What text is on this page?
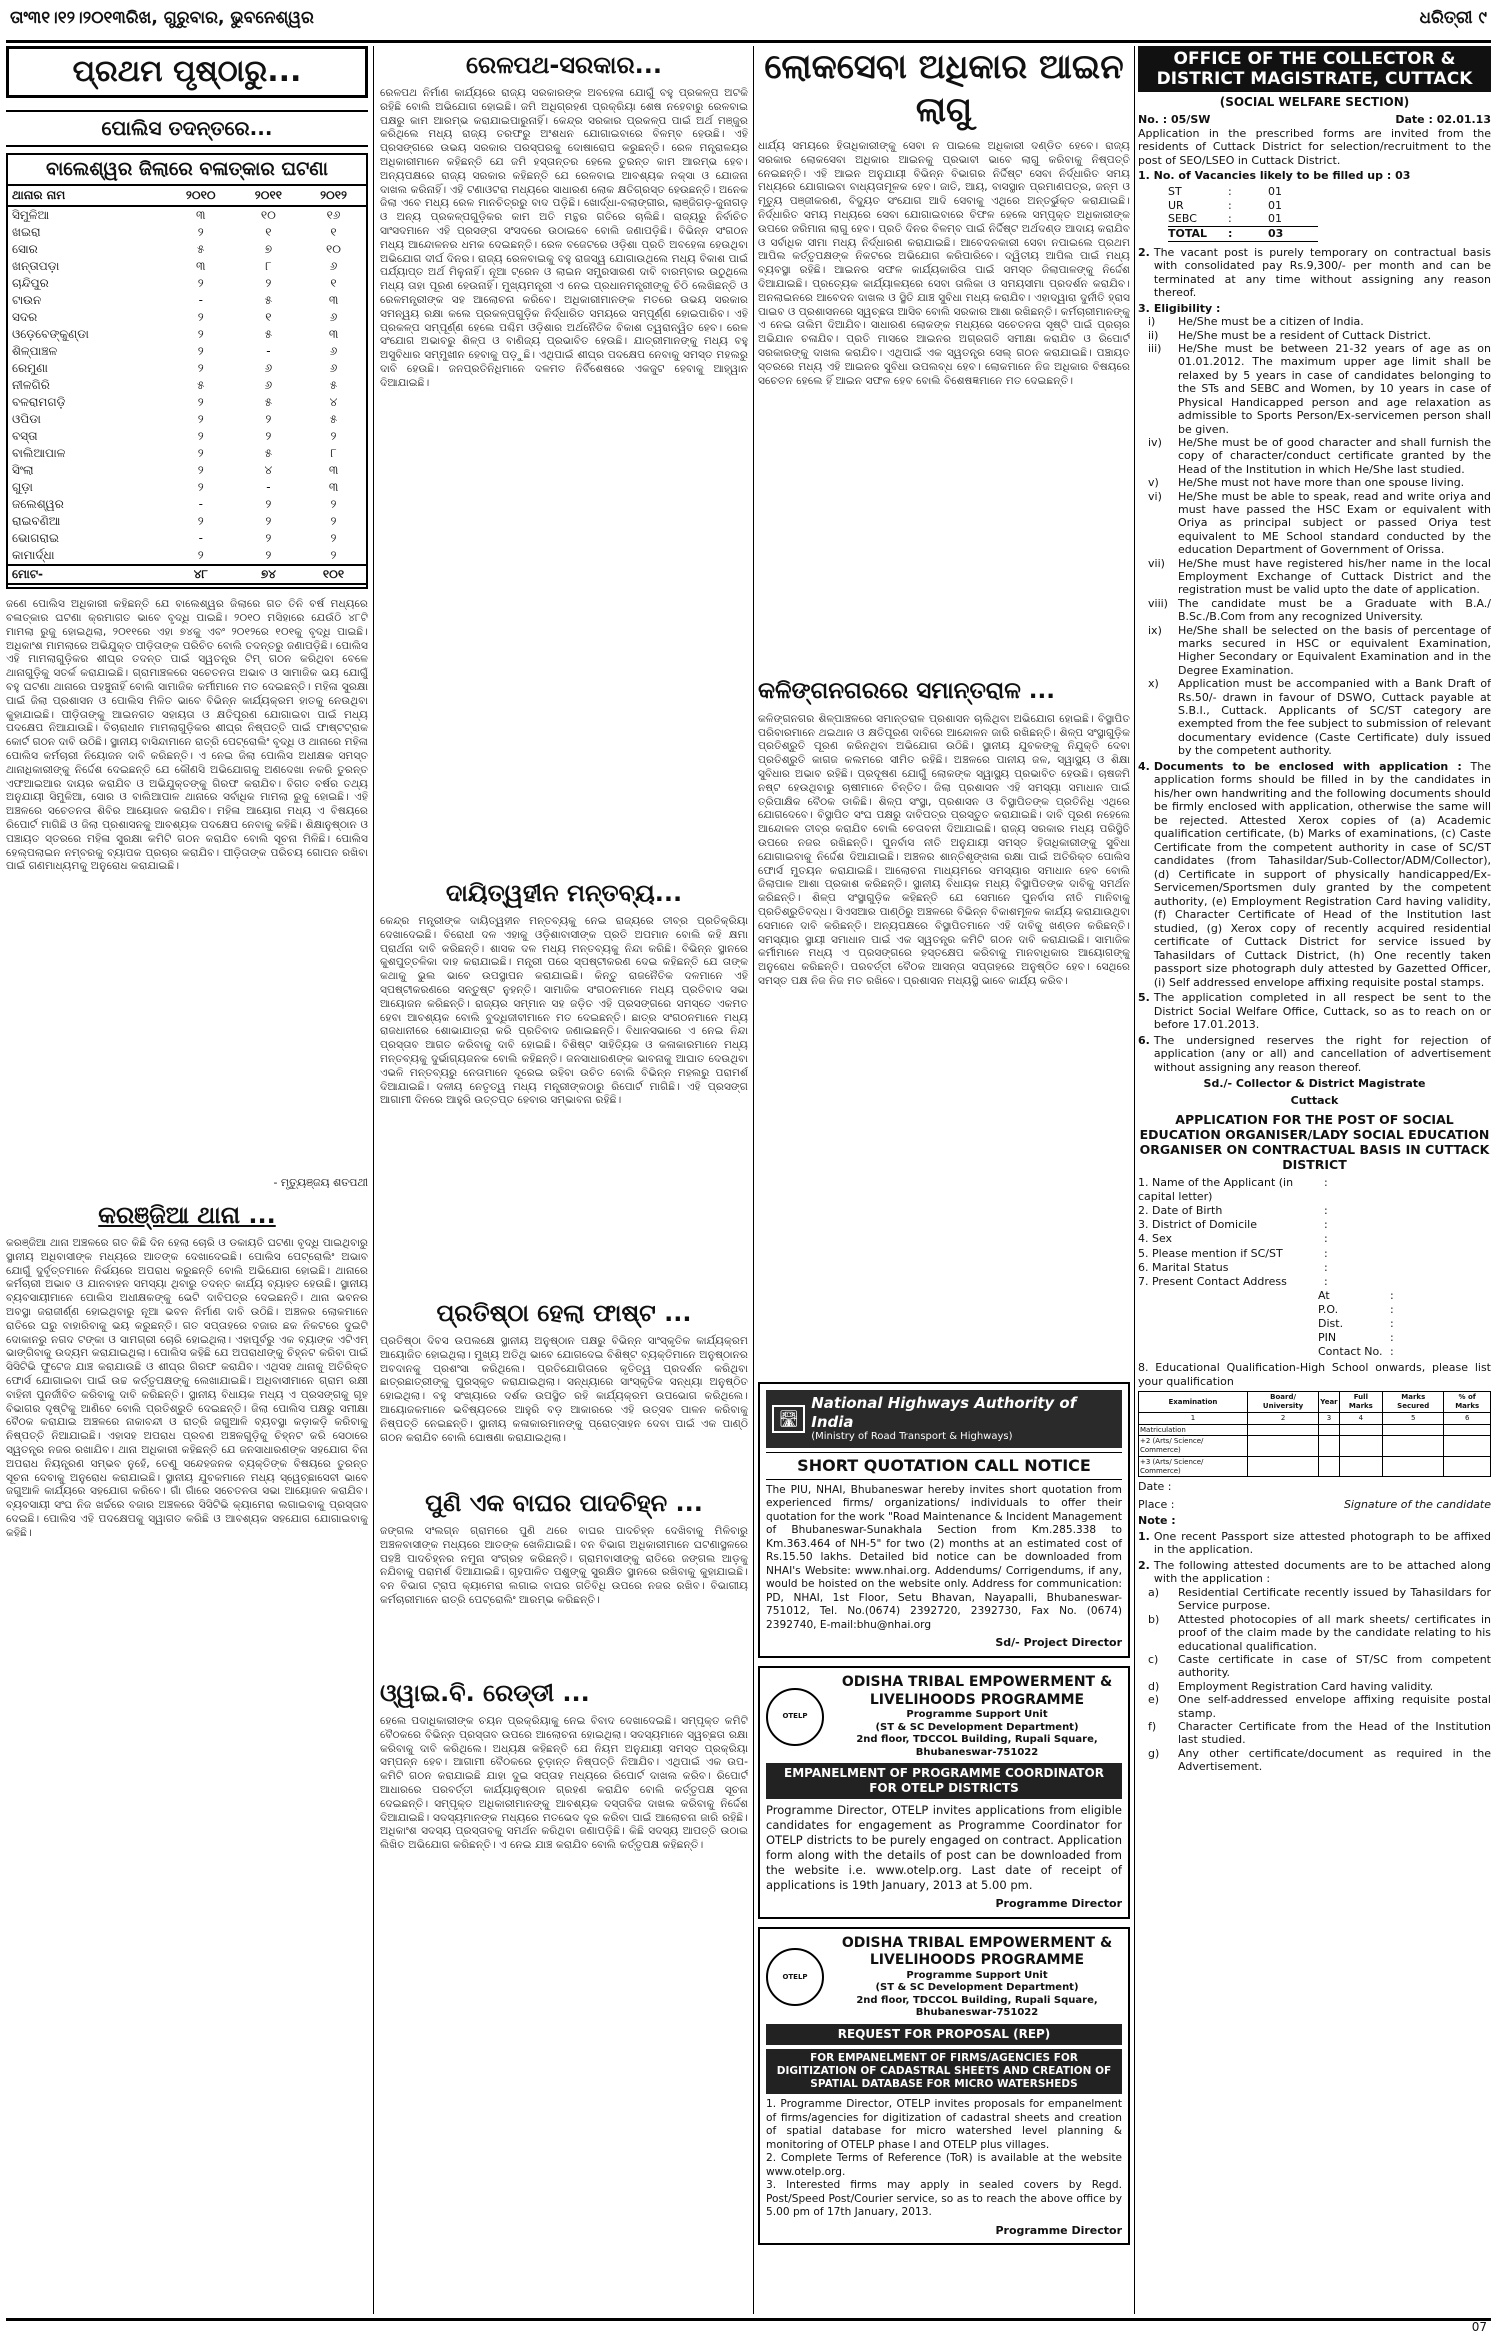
ତାଂ୩୧।୧୨।୨୦୧୩ରିଖ, ଗୁରୁବାର, ଭୁବନେଶ୍ୱର	ଧରିତ୍ରୀ ୯
ପ୍ରଥମ ପୃଷ୍ଠାରୁ...
ପୋଲିସ ତଦନ୍ତରେ...
ବାଲେଶ୍ୱର ଜିଲାରେ ବଳାତ୍କାର ଘଟଣା
ଥାନାର ନାମ	୨୦୧୦	୨୦୧୧	୨୦୧୨
ସିମୁଳିଆ	୩	୧୦	୧୬
ଖଇରା	୨	୧	୧
ସୋର	୫	୭	୧୦
ଖନ୍ତାପଡ଼ା	୩	୮	୬
ଚାନ୍ଦିପୁର	୨	୨	୧
ଟାଉନ	-	୫	୩
ସଦର	୨	୧	୬
ଓଡ଼େବେଙ୍କୁଣ୍ଡା	୨	୫	୩
ଶିଳ୍ପାଞ୍ଚଳ	୨	-	୬
ରେମୁଣା	୨	୬	୬
ନୀଳଗିରି	୫	୬	୫
ବଳରାମଗଡ଼ି	୨	୫	୪
ଓପିଡା	୨	୨	୫
ବସ୍ତା	୨	୨	୨
ବାଲିଆପାଳ	୨	୫	୮
ସିଂଲା	୨	୪	୩
ଗୁଡ଼ା	୨	-	୩
ଜଲେଶ୍ୱର	-	୨	୨
ରାଇବଣିଆ	୨	୨	୨
ଭୋଗରାଇ	-	୨	୨
କାମାର୍ଦ୍ଧା	୨	୨	୨
ମୋଟ-	୪୮	୭୪	୧୦୧
ଜଣେ ପୋଲିସ ଅଧିକାରୀ କହିଛନ୍ତି ଯେ ବାଲେଶ୍ୱର ଜିଲାରେ ଗତ ତିନି ବର୍ଷ ମଧ୍ୟରେ ବଳାତ୍କାର ଘଟଣା କ୍ରମାଗତ ଭାବେ ବୃଦ୍ଧି ପାଇଛି। ୨୦୧୦ ମସିହାରେ ଯେଉଁଠି ୪୮ଟି ମାମଲା ରୁଜୁ ହୋଇଥିଲା, ୨୦୧୧ରେ ଏହା ୭୪କୁ ଏବଂ ୨୦୧୨ରେ ୧୦୧କୁ ବୃଦ୍ଧି ପାଇଛି। ଅଧିକାଂଶ ମାମଲାରେ ଅଭିଯୁକ୍ତ ପୀଡ଼ିତାଙ୍କ ପରିଚିତ ବୋଲି ତଦନ୍ତରୁ ଜଣାପଡ଼ିଛି। ପୋଲିସ ଏହି ମାମଲାଗୁଡ଼ିକର ଶୀଘ୍ର ତଦନ୍ତ ପାଇଁ ସ୍ୱତନ୍ତ୍ର ଟିମ୍ ଗଠନ କରିଥିବା ବେଳେ ଥାନାଗୁଡ଼ିକୁ ସତର୍କ କରାଯାଇଛି। ଗ୍ରାମାଞ୍ଚଳରେ ସଚେତନତା ଅଭାବ ଓ ସାମାଜିକ ଭୟ ଯୋଗୁଁ ବହୁ ଘଟଣା ଥାନାରେ ପହଞ୍ଚୁନାହିଁ ବୋଲି ସାମାଜିକ କର୍ମୀମାନେ ମତ ଦେଇଛନ୍ତି। ମହିଳା ସୁରକ୍ଷା ପାଇଁ ଜିଲା ପ୍ରଶାସନ ଓ ପୋଲିସ ମିଳିତ ଭାବେ ବିଭିନ୍ନ କାର୍ଯ୍ୟକ୍ରମ ହାତକୁ ନେଉଥିବା କୁହାଯାଇଛି। ପୀଡ଼ିତାଙ୍କୁ ଆଇନଗତ ସହାୟତା ଓ କ୍ଷତିପୂରଣ ଯୋଗାଇବା ପାଇଁ ମଧ୍ୟ ପଦକ୍ଷେପ ନିଆଯାଉଛି। ବିଚାରାଧୀନ ମାମଲାଗୁଡ଼ିକର ଶୀଘ୍ର ନିଷ୍ପତ୍ତି ପାଇଁ ଫାଷ୍ଟଟ୍ରାକ କୋର୍ଟ ଗଠନ ଦାବି ଉଠିଛି। ସ୍ଥାନୀୟ ବାସିନ୍ଦାମାନେ ରାତ୍ରି ପେଟ୍ରୋଲିଂ ବୃଦ୍ଧି ଓ ଥାନାରେ ମହିଳା ପୋଲିସ କର୍ମଚାରୀ ନିୟୋଜନ ଦାବି କରିଛନ୍ତି। ଏ ନେଇ ଜିଲା ପୋଲିସ ଅଧୀକ୍ଷକ ସମସ୍ତ ଥାନାଧିକାରୀଙ୍କୁ ନିର୍ଦ୍ଦେଶ ଦେଇଛନ୍ତି ଯେ କୌଣସି ଅଭିଯୋଗକୁ ଅଣଦେଖା ନକରି ତୁରନ୍ତ ଏଫଆଇଆର ଦାୟର କରାଯିବ ଓ ଅଭିଯୁକ୍ତଙ୍କୁ ଗିରଫ କରାଯିବ। ବିଗତ ବର୍ଷର ତଥ୍ୟ ଅନୁଯାୟୀ ସିମୁଳିଆ, ସୋର ଓ ବାଲିଆପାଳ ଥାନାରେ ସର୍ବାଧିକ ମାମଲା ରୁଜୁ ହୋଇଛି। ଏହି ଅଞ୍ଚଳରେ ସଚେତନତା ଶିବିର ଆୟୋଜନ କରାଯିବ। ମହିଳା ଆୟୋଗ ମଧ୍ୟ ଏ ବିଷୟରେ ରିପୋର୍ଟ ମାଗିଛି ଓ ଜିଲା ପ୍ରଶାସନକୁ ଆବଶ୍ୟକ ପଦକ୍ଷେପ ନେବାକୁ କହିଛି। ଶିକ୍ଷାନୁଷ୍ଠାନ ଓ ପଞ୍ଚାୟତ ସ୍ତରରେ ମହିଳା ସୁରକ୍ଷା କମିଟି ଗଠନ କରାଯିବ ବୋଲି ସୂଚନା ମିଳିଛି। ପୋଲିସ ହେଲ୍ପଲାଇନ ନମ୍ବରକୁ ବ୍ୟାପକ ପ୍ରଚାର କରାଯିବ। ପୀଡ଼ିତାଙ୍କ ପରିଚୟ ଗୋପନ ରଖିବା ପାଇଁ ଗଣମାଧ୍ୟମକୁ ଅନୁରୋଧ କରାଯାଇଛି।
- ମୃତ୍ୟୁଞ୍ଜୟ ଶତପଥୀ
କରଞ୍ଜିଆ ଥାନା ...
କରଞ୍ଜିଆ ଥାନା ଅଞ୍ଚଳରେ ଗତ କିଛି ଦିନ ହେଲା ଚୋରି ଓ ଡକାୟତି ଘଟଣା ବୃଦ୍ଧି ପାଇଥିବାରୁ ସ୍ଥାନୀୟ ଅଧିବାସୀଙ୍କ ମଧ୍ୟରେ ଆତଙ୍କ ଦେଖାଦେଇଛି। ପୋଲିସ ପେଟ୍ରୋଲିଂ ଅଭାବ ଯୋଗୁଁ ଦୁର୍ବୃତ୍ତମାନେ ନିର୍ଭୟରେ ଅପରାଧ କରୁଛନ୍ତି ବୋଲି ଅଭିଯୋଗ ହୋଇଛି। ଥାନାରେ କର୍ମଚାରୀ ଅଭାବ ଓ ଯାନବାହନ ସମସ୍ୟା ଥିବାରୁ ତଦନ୍ତ କାର୍ଯ୍ୟ ବ୍ୟାହତ ହେଉଛି। ସ୍ଥାନୀୟ ବ୍ୟବସାୟୀମାନେ ପୋଲିସ ଅଧୀକ୍ଷକଙ୍କୁ ଭେଟି ଦାବିପତ୍ର ଦେଇଛନ୍ତି। ଥାନା ଭବନର ଅବସ୍ଥା ଜରାଜୀର୍ଣ୍ଣ ହୋଇଥିବାରୁ ନୂଆ ଭବନ ନିର୍ମାଣ ଦାବି ଉଠିଛି। ଅଞ୍ଚଳର ଲୋକମାନେ ରାତିରେ ଘରୁ ବାହାରିବାକୁ ଭୟ କରୁଛନ୍ତି। ଗତ ସପ୍ତାହରେ ବଜାର ଛକ ନିକଟରେ ଦୁଇଟି ଦୋକାନରୁ ନଗଦ ଟଙ୍କା ଓ ସାମଗ୍ରୀ ଚୋରି ହୋଇଥିଲା। ଏହାପୂର୍ବରୁ ଏକ ବ୍ୟାଙ୍କ ଏଟିଏମ୍ ଭାଙ୍ଗିବାକୁ ଉଦ୍ୟମ କରାଯାଇଥିଲା। ପୋଲିସ କହିଛି ଯେ ଅପରାଧୀଙ୍କୁ ଚିହ୍ନଟ କରିବା ପାଇଁ ସିସିଟିଭି ଫୁଟେଜ ଯାଞ୍ଚ କରାଯାଉଛି ଓ ଶୀଘ୍ର ଗିରଫ କରାଯିବ। ଏଥିସହ ଥାନାକୁ ଅତିରିକ୍ତ ଫୋର୍ସ ଯୋଗାଇବା ପାଇଁ ଉଚ୍ଚ କର୍ତ୍ତୃପକ୍ଷଙ୍କୁ ଲେଖାଯାଇଛି। ଅଧିବାସୀମାନେ ଗ୍ରାମ ରକ୍ଷୀ ବାହିନୀ ପୁନର୍ଜୀବିତ କରିବାକୁ ଦାବି କରିଛନ୍ତି। ସ୍ଥାନୀୟ ବିଧାୟକ ମଧ୍ୟ ଏ ପ୍ରସଙ୍ଗକୁ ଗୃହ ବିଭାଗର ଦୃଷ୍ଟିକୁ ଆଣିବେ ବୋଲି ପ୍ରତିଶ୍ରୁତି ଦେଇଛନ୍ତି। ଜିଲା ପୋଲିସ ପକ୍ଷରୁ ସମୀକ୍ଷା ବୈଠକ କରାଯାଇ ଅଞ୍ଚଳରେ ନାକାବନ୍ଦୀ ଓ ରାତ୍ରି ଜଗୁଆଳି ବ୍ୟବସ୍ଥା କଡ଼ାକଡ଼ି କରିବାକୁ ନିଷ୍ପତ୍ତି ନିଆଯାଇଛି। ଏହାସହ ଅପରାଧ ପ୍ରବଣ ଅଞ୍ଚଳଗୁଡ଼ିକୁ ଚିହ୍ନଟ କରି ସେଠାରେ ସ୍ୱତନ୍ତ୍ର ନଜର ରଖାଯିବ। ଥାନା ଅଧିକାରୀ କହିଛନ୍ତି ଯେ ଜନସାଧାରଣଙ୍କ ସହଯୋଗ ବିନା ଅପରାଧ ନିୟନ୍ତ୍ରଣ ସମ୍ଭବ ନୁହେଁ, ତେଣୁ ସନ୍ଦେହଜନକ ବ୍ୟକ୍ତିଙ୍କ ବିଷୟରେ ତୁରନ୍ତ ସୂଚନା ଦେବାକୁ ଅନୁରୋଧ କରାଯାଇଛି। ସ୍ଥାନୀୟ ଯୁବକମାନେ ମଧ୍ୟ ସ୍ୱେଚ୍ଛାସେବୀ ଭାବେ ଜଗୁଆଳି କାର୍ଯ୍ୟରେ ସହଯୋଗ କରିବେ। ଗାଁ ଗାଁରେ ସଚେତନତା ସଭା ଆୟୋଜନ କରାଯିବ। ବ୍ୟବସାୟୀ ସଂଘ ନିଜ ଖର୍ଚ୍ଚରେ ବଜାର ଅଞ୍ଚଳରେ ସିସିଟିଭି କ୍ୟାମେରା ଲଗାଇବାକୁ ପ୍ରସ୍ତାବ ଦେଇଛି। ପୋଲିସ ଏହି ପଦକ୍ଷେପକୁ ସ୍ୱାଗତ କରିଛି ଓ ଆବଶ୍ୟକ ସହଯୋଗ ଯୋଗାଇବାକୁ କହିଛି।
ରେଳପଥ-ସରକାର...
ରେଳପଥ ନିର୍ମାଣ କାର୍ଯ୍ୟରେ ରାଜ୍ୟ ସରକାରଙ୍କ ଅବହେଳା ଯୋଗୁଁ ବହୁ ପ୍ରକଳ୍ପ ଅଟକି ରହିଛି ବୋଲି ଅଭିଯୋଗ ହୋଇଛି। ଜମି ଅଧିଗ୍ରହଣ ପ୍ରକ୍ରିୟା ଶେଷ ନହେବାରୁ ରେଳବାଇ ପକ୍ଷରୁ କାମ ଆରମ୍ଭ କରାଯାଇପାରୁନାହିଁ। କେନ୍ଦ୍ର ସରକାର ପ୍ରକଳ୍ପ ପାଇଁ ଅର୍ଥ ମଞ୍ଜୁର କରିଥିଲେ ମଧ୍ୟ ରାଜ୍ୟ ତରଫରୁ ଅଂଶଧନ ଯୋଗାଇବାରେ ବିଳମ୍ବ ହେଉଛି। ଏହି ପ୍ରସଙ୍ଗରେ ଉଭୟ ସରକାର ପରସ୍ପରକୁ ଦୋଷାରୋପ କରୁଛନ୍ତି। ରେଳ ମନ୍ତ୍ରାଳୟର ଅଧିକାରୀମାନେ କହିଛନ୍ତି ଯେ ଜମି ହସ୍ତାନ୍ତର ହେଲେ ତୁରନ୍ତ କାମ ଆରମ୍ଭ ହେବ। ଅନ୍ୟପକ୍ଷରେ ରାଜ୍ୟ ସରକାର କହିଛନ୍ତି ଯେ ରେଳବାଇ ଆବଶ୍ୟକ ନକ୍ସା ଓ ଯୋଜନା ଦାଖଲ କରିନାହିଁ। ଏହି ଟଣାଓଟରା ମଧ୍ୟରେ ସାଧାରଣ ଲୋକ କ୍ଷତିଗ୍ରସ୍ତ ହେଉଛନ୍ତି। ଅନେକ ଜିଲା ଏବେ ମଧ୍ୟ ରେଳ ମାନଚିତ୍ରରୁ ବାଦ ପଡ଼ିଛି। ଖୋର୍ଦ୍ଧା-ବଲାଙ୍ଗୀର, ଲାଞ୍ଜିଗଡ଼-ଜୁନାଗଡ଼ ଓ ଅନ୍ୟ ପ୍ରକଳ୍ପଗୁଡ଼ିକର କାମ ଅତି ମନ୍ଥର ଗତିରେ ଚାଲିଛି। ରାଜ୍ୟରୁ ନିର୍ବାଚିତ ସାଂସଦମାନେ ଏହି ପ୍ରସଙ୍ଗ ସଂସଦରେ ଉଠାଇବେ ବୋଲି ଜଣାପଡ଼ିଛି। ବିଭିନ୍ନ ସଂଗଠନ ମଧ୍ୟ ଆନ୍ଦୋଳନର ଧମକ ଦେଇଛନ୍ତି। ରେଳ ବଜେଟରେ ଓଡ଼ିଶା ପ୍ରତି ଅବହେଳା ହେଉଥିବା ଅଭିଯୋଗ ଦୀର୍ଘ ଦିନର। ରାଜ୍ୟ ରେଳବାଇକୁ ବହୁ ରାଜସ୍ୱ ଯୋଗାଉଥିଲେ ମଧ୍ୟ ବିକାଶ ପାଇଁ ପର୍ଯ୍ୟାପ୍ତ ଅର୍ଥ ମିଳୁନାହିଁ। ନୂଆ ଟ୍ରେନ ଓ ଲାଇନ ସମ୍ପ୍ରସାରଣ ଦାବି ବାରମ୍ବାର ଉଠୁଥିଲେ ମଧ୍ୟ ତାହା ପୂରଣ ହେଉନାହିଁ। ମୁଖ୍ୟମନ୍ତ୍ରୀ ଏ ନେଇ ପ୍ରଧାନମନ୍ତ୍ରୀଙ୍କୁ ଚିଠି ଲେଖିଛନ୍ତି ଓ ରେଳମନ୍ତ୍ରୀଙ୍କ ସହ ଆଲୋଚନା କରିବେ। ଅଧିକାରୀମାନଙ୍କ ମତରେ ଉଭୟ ସରକାର ସମନ୍ୱୟ ରକ୍ଷା କଲେ ପ୍ରକଳ୍ପଗୁଡ଼ିକ ନିର୍ଦ୍ଧାରିତ ସମୟରେ ସମ୍ପୂର୍ଣ୍ଣ ହୋଇପାରିବ। ଏହି ପ୍ରକଳ୍ପ ସମ୍ପୂର୍ଣ୍ଣ ହେଲେ ପଶ୍ଚିମ ଓଡ଼ିଶାର ଅର୍ଥନୈତିକ ବିକାଶ ତ୍ୱରାନ୍ୱିତ ହେବ। ରେଳ ସଂଯୋଗ ଅଭାବରୁ ଶିଳ୍ପ ଓ ବାଣିଜ୍ୟ ପ୍ରଭାବିତ ହେଉଛି। ଯାତ୍ରୀମାନଙ୍କୁ ମଧ୍ୟ ବହୁ ଅସୁବିଧାର ସମ୍ମୁଖୀନ ହେବାକୁ ପଡ଼ୁଛି। ଏଥିପାଇଁ ଶୀଘ୍ର ପଦକ୍ଷେପ ନେବାକୁ ସମସ୍ତ ମହଲରୁ ଦାବି ହେଉଛି। ଜନପ୍ରତିନିଧିମାନେ ଦଳମତ ନିର୍ବିଶେଷରେ ଏକଜୁଟ ହେବାକୁ ଆହ୍ୱାନ ଦିଆଯାଇଛି।
ଦାୟିତ୍ୱହୀନ ମନ୍ତବ୍ୟ...
କେନ୍ଦ୍ର ମନ୍ତ୍ରୀଙ୍କ ଦାୟିତ୍ୱହୀନ ମନ୍ତବ୍ୟକୁ ନେଇ ରାଜ୍ୟରେ ତୀବ୍ର ପ୍ରତିକ୍ରିୟା ଦେଖାଦେଇଛି। ବିରୋଧୀ ଦଳ ଏହାକୁ ଓଡ଼ିଶାବାସୀଙ୍କ ପ୍ରତି ଅପମାନ ବୋଲି କହି କ୍ଷମା ପ୍ରାର୍ଥନା ଦାବି କରିଛନ୍ତି। ଶାସକ ଦଳ ମଧ୍ୟ ମନ୍ତବ୍ୟକୁ ନିନ୍ଦା କରିଛି। ବିଭିନ୍ନ ସ୍ଥାନରେ କୁଶପୁତ୍ତଳିକା ଦାହ କରାଯାଇଛି। ମନ୍ତ୍ରୀ ପରେ ସ୍ପଷ୍ଟୀକରଣ ଦେଇ କହିଛନ୍ତି ଯେ ତାଙ୍କ କଥାକୁ ଭୁଲ ଭାବେ ଉପସ୍ଥାପନ କରାଯାଇଛି। କିନ୍ତୁ ରାଜନୈତିକ ଦଳମାନେ ଏହି ସ୍ପଷ୍ଟୀକରଣରେ ସନ୍ତୁଷ୍ଟ ନୁହନ୍ତି। ସାମାଜିକ ସଂଗଠନମାନେ ମଧ୍ୟ ପ୍ରତିବାଦ ସଭା ଆୟୋଜନ କରିଛନ୍ତି। ରାଜ୍ୟର ସମ୍ମାନ ସହ ଜଡ଼ିତ ଏହି ପ୍ରସଙ୍ଗରେ ସମସ୍ତେ ଏକମତ ହେବା ଆବଶ୍ୟକ ବୋଲି ବୁଦ୍ଧିଜୀବୀମାନେ ମତ ଦେଇଛନ୍ତି। ଛାତ୍ର ସଂଗଠନମାନେ ମଧ୍ୟ ରାଜଧାନୀରେ ଶୋଭାଯାତ୍ରା କରି ପ୍ରତିବାଦ ଜଣାଇଛନ୍ତି। ବିଧାନସଭାରେ ଏ ନେଇ ନିନ୍ଦା ପ୍ରସ୍ତାବ ଆଗତ କରିବାକୁ ଦାବି ହୋଇଛି। ବିଶିଷ୍ଟ ସାହିତ୍ୟିକ ଓ କଳାକାରମାନେ ମଧ୍ୟ ମନ୍ତବ୍ୟକୁ ଦୁର୍ଭାଗ୍ୟଜନକ ବୋଲି କହିଛନ୍ତି। ଜନସାଧାରଣଙ୍କ ଭାବନାକୁ ଆଘାତ ଦେଉଥିବା ଏଭଳି ମନ୍ତବ୍ୟରୁ ନେତାମାନେ ଦୂରେଇ ରହିବା ଉଚିତ ବୋଲି ବିଭିନ୍ନ ମହଲରୁ ପରାମର୍ଶ ଦିଆଯାଇଛି। ଦଳୀୟ ନେତୃତ୍ୱ ମଧ୍ୟ ମନ୍ତ୍ରୀଙ୍କଠାରୁ ରିପୋର୍ଟ ମାଗିଛି। ଏହି ପ୍ରସଙ୍ଗ ଆଗାମୀ ଦିନରେ ଆହୁରି ଉତ୍ତପ୍ତ ହେବାର ସମ୍ଭାବନା ରହିଛି।
ପ୍ରତିଷ୍ଠା ହେଲା ଫାଷ୍ଟ ...
ପ୍ରତିଷ୍ଠା ଦିବସ ଉପଲକ୍ଷେ ସ୍ଥାନୀୟ ଅନୁଷ୍ଠାନ ପକ୍ଷରୁ ବିଭିନ୍ନ ସାଂସ୍କୃତିକ କାର୍ଯ୍ୟକ୍ରମ ଆୟୋଜିତ ହୋଇଥିଲା। ମୁଖ୍ୟ ଅତିଥି ଭାବେ ଯୋଗଦେଇ ବିଶିଷ୍ଟ ବ୍ୟକ୍ତିମାନେ ଅନୁଷ୍ଠାନର ଅବଦାନକୁ ପ୍ରଶଂସା କରିଥିଲେ। ପ୍ରତିଯୋଗିତାରେ କୃତିତ୍ୱ ପ୍ରଦର୍ଶନ କରିଥିବା ଛାତ୍ରଛାତ୍ରୀଙ୍କୁ ପୁରସ୍କୃତ କରାଯାଇଥିଲା। ସନ୍ଧ୍ୟାରେ ସାଂସ୍କୃତିକ ସନ୍ଧ୍ୟା ଅନୁଷ୍ଠିତ ହୋଇଥିଲା। ବହୁ ସଂଖ୍ୟାରେ ଦର୍ଶକ ଉପସ୍ଥିତ ରହି କାର୍ଯ୍ୟକ୍ରମ ଉପଭୋଗ କରିଥିଲେ। ଆୟୋଜକମାନେ ଭବିଷ୍ୟତରେ ଆହୁରି ବଡ଼ ଆକାରରେ ଏହି ଉତ୍ସବ ପାଳନ କରିବାକୁ ନିଷ୍ପତ୍ତି ନେଇଛନ୍ତି। ସ୍ଥାନୀୟ କଳାକାରମାନଙ୍କୁ ପ୍ରୋତ୍ସାହନ ଦେବା ପାଇଁ ଏକ ପାଣ୍ଠି ଗଠନ କରାଯିବ ବୋଲି ଘୋଷଣା କରାଯାଇଥିଲା।
ପୁଣି ଏକ ବାଘର ପାଦଚିହ୍ନ ...
ଜଙ୍ଗଲ ସଂଲଗ୍ନ ଗ୍ରାମରେ ପୁଣି ଥରେ ବାଘର ପାଦଚିହ୍ନ ଦେଖିବାକୁ ମିଳିବାରୁ ଅଞ୍ଚଳବାସୀଙ୍କ ମଧ୍ୟରେ ଆତଙ୍କ ଖେଳିଯାଇଛି। ବନ ବିଭାଗ ଅଧିକାରୀମାନେ ଘଟଣାସ୍ଥଳରେ ପହଞ୍ଚି ପାଦଚିହ୍ନର ନମୁନା ସଂଗ୍ରହ କରିଛନ୍ତି। ଗ୍ରାମବାସୀଙ୍କୁ ରାତିରେ ଜଙ୍ଗଲ ଆଡ଼କୁ ନଯିବାକୁ ପରାମର୍ଶ ଦିଆଯାଇଛି। ଗୃହପାଳିତ ପଶୁଙ୍କୁ ସୁରକ୍ଷିତ ସ୍ଥାନରେ ରଖିବାକୁ କୁହାଯାଇଛି। ବନ ବିଭାଗ ଟ୍ରାପ କ୍ୟାମେରା ଲଗାଇ ବାଘର ଗତିବିଧି ଉପରେ ନଜର ରଖିବ। ବିଭାଗୀୟ କର୍ମଚାରୀମାନେ ରାତ୍ରି ପେଟ୍ରୋଲିଂ ଆରମ୍ଭ କରିଛନ୍ତି।
ଓ୍ୱାଇ.ବି. ରେଡ୍ଡୀ ...
ହେଲେ ପଦାଧିକାରୀଙ୍କ ଚୟନ ପ୍ରକ୍ରିୟାକୁ ନେଇ ବିବାଦ ଦେଖାଦେଇଛି। ସମ୍ପୃକ୍ତ କମିଟି ବୈଠକରେ ବିଭିନ୍ନ ପ୍ରସ୍ତାବ ଉପରେ ଆଲୋଚନା ହୋଇଥିଲା। ସଦସ୍ୟମାନେ ସ୍ୱଚ୍ଛତା ରକ୍ଷା କରିବାକୁ ଦାବି କରିଥିଲେ। ଅଧ୍ୟକ୍ଷ କହିଛନ୍ତି ଯେ ନିୟମ ଅନୁଯାୟୀ ସମସ୍ତ ପ୍ରକ୍ରିୟା ସମ୍ପନ୍ନ ହେବ। ଆଗାମୀ ବୈଠକରେ ଚୂଡ଼ାନ୍ତ ନିଷ୍ପତ୍ତି ନିଆଯିବ। ଏଥିପାଇଁ ଏକ ଉପ-କମିଟି ଗଠନ କରାଯାଇଛି ଯାହା ଦୁଇ ସପ୍ତାହ ମଧ୍ୟରେ ରିପୋର୍ଟ ଦାଖଲ କରିବ। ରିପୋର୍ଟ ଆଧାରରେ ପରବର୍ତ୍ତୀ କାର୍ଯ୍ୟାନୁଷ୍ଠାନ ଗ୍ରହଣ କରାଯିବ ବୋଲି କର୍ତ୍ତୃପକ୍ଷ ସୂଚନା ଦେଇଛନ୍ତି। ସମ୍ପୃକ୍ତ ଅଧିକାରୀମାନଙ୍କୁ ଆବଶ୍ୟକ ଦସ୍ତାବିଜ ଦାଖଲ କରିବାକୁ ନିର୍ଦ୍ଦେଶ ଦିଆଯାଇଛି। ସଦସ୍ୟମାନଙ୍କ ମଧ୍ୟରେ ମତଭେଦ ଦୂର କରିବା ପାଇଁ ଆଲୋଚନା ଜାରି ରହିଛି। ଅଧିକାଂଶ ସଦସ୍ୟ ପ୍ରସ୍ତାବକୁ ସମର୍ଥନ କରିଥିବା ଜଣାପଡ଼ିଛି। କିଛି ସଦସ୍ୟ ଆପତ୍ତି ଉଠାଇ ଲିଖିତ ଅଭିଯୋଗ କରିଛନ୍ତି। ଏ ନେଇ ଯାଞ୍ଚ କରାଯିବ ବୋଲି କର୍ତ୍ତୃପକ୍ଷ କହିଛନ୍ତି।
ଲୋକସେବା ଅଧିକାର ଆଇନ ଲାଗୁ
ଧାର୍ଯ୍ୟ ସମୟରେ ହିତାଧିକାରୀଙ୍କୁ ସେବା ନ ପାଇଲେ ଅଧିକାରୀ ଦଣ୍ଡିତ ହେବେ। ରାଜ୍ୟ ସରକାର ଲୋକସେବା ଅଧିକାର ଆଇନକୁ ପ୍ରଭାବୀ ଭାବେ ଲାଗୁ କରିବାକୁ ନିଷ୍ପତ୍ତି ନେଇଛନ୍ତି। ଏହି ଆଇନ ଅନୁଯାୟୀ ବିଭିନ୍ନ ବିଭାଗର ନିର୍ଦ୍ଦିଷ୍ଟ ସେବା ନିର୍ଦ୍ଧାରିତ ସମୟ ମଧ୍ୟରେ ଯୋଗାଇବା ବାଧ୍ୟତାମୂଳକ ହେବ। ଜାତି, ଆୟ, ବାସସ୍ଥାନ ପ୍ରମାଣପତ୍ର, ଜନ୍ମ ଓ ମୃତ୍ୟୁ ପଞ୍ଜୀକରଣ, ବିଦ୍ୟୁତ ସଂଯୋଗ ଆଦି ସେବାକୁ ଏଥିରେ ଅନ୍ତର୍ଭୁକ୍ତ କରାଯାଇଛି। ନିର୍ଦ୍ଧାରିତ ସମୟ ମଧ୍ୟରେ ସେବା ଯୋଗାଇବାରେ ବିଫଳ ହେଲେ ସମ୍ପୃକ୍ତ ଅଧିକାରୀଙ୍କ ଉପରେ ଜରିମାନା ଲାଗୁ ହେବ। ପ୍ରତି ଦିନର ବିଳମ୍ବ ପାଇଁ ନିର୍ଦ୍ଦିଷ୍ଟ ଅର୍ଥଦଣ୍ଡ ଆଦାୟ କରାଯିବ ଓ ସର୍ବାଧିକ ସୀମା ମଧ୍ୟ ନିର୍ଦ୍ଧାରଣ କରାଯାଇଛି। ଆବେଦନକାରୀ ସେବା ନପାଇଲେ ପ୍ରଥମ ଆପିଲ କର୍ତ୍ତୃପକ୍ଷଙ୍କ ନିକଟରେ ଅଭିଯୋଗ କରିପାରିବେ। ଦ୍ୱିତୀୟ ଆପିଲ ପାଇଁ ମଧ୍ୟ ବ୍ୟବସ୍ଥା ରହିଛି। ଆଇନର ସଫଳ କାର୍ଯ୍ୟକାରିତା ପାଇଁ ସମସ୍ତ ଜିଲାପାଳଙ୍କୁ ନିର୍ଦ୍ଦେଶ ଦିଆଯାଇଛି। ପ୍ରତ୍ୟେକ କାର୍ଯ୍ୟାଳୟରେ ସେବା ତାଲିକା ଓ ସମୟସୀମା ପ୍ରଦର୍ଶନ କରାଯିବ। ଅନଲାଇନରେ ଆବେଦନ ଦାଖଲ ଓ ସ୍ଥିତି ଯାଞ୍ଚ ସୁବିଧା ମଧ୍ୟ କରାଯିବ। ଏହାଦ୍ୱାରା ଦୁର୍ନୀତି ହ୍ରାସ ପାଇବ ଓ ପ୍ରଶାସନରେ ସ୍ୱଚ୍ଛତା ଆସିବ ବୋଲି ସରକାର ଆଶା ରଖିଛନ୍ତି। କର୍ମଚାରୀମାନଙ୍କୁ ଏ ନେଇ ତାଲିମ ଦିଆଯିବ। ସାଧାରଣ ଲୋକଙ୍କ ମଧ୍ୟରେ ସଚେତନତା ସୃଷ୍ଟି ପାଇଁ ପ୍ରଚାର ଅଭିଯାନ ଚଳାଯିବ। ପ୍ରତି ମାସରେ ଆଇନର ଅଗ୍ରଗତି ସମୀକ୍ଷା କରାଯିବ ଓ ରିପୋର୍ଟ ସରକାରଙ୍କୁ ଦାଖଲ କରାଯିବ। ଏଥିପାଇଁ ଏକ ସ୍ୱତନ୍ତ୍ର ସେଲ୍ ଗଠନ କରାଯାଇଛି। ପଞ୍ଚାୟତ ସ୍ତରରେ ମଧ୍ୟ ଏହି ଆଇନର ସୁବିଧା ଉପଲବ୍ଧ ହେବ। ଲୋକମାନେ ନିଜ ଅଧିକାର ବିଷୟରେ ସଚେତନ ହେଲେ ହିଁ ଆଇନ ସଫଳ ହେବ ବୋଲି ବିଶେଷଜ୍ଞମାନେ ମତ ଦେଇଛନ୍ତି।
କଳିଙ୍ଗନଗରରେ ସମାନ୍ତରାଳ ...
କଳିଙ୍ଗନଗର ଶିଳ୍ପାଞ୍ଚଳରେ ସମାନ୍ତରାଳ ପ୍ରଶାସନ ଚାଲିଥିବା ଅଭିଯୋଗ ହୋଇଛି। ବିସ୍ଥାପିତ ପରିବାରମାନେ ଥଇଥାନ ଓ କ୍ଷତିପୂରଣ ଦାବିରେ ଆନ୍ଦୋଳନ ଜାରି ରଖିଛନ୍ତି। ଶିଳ୍ପ ସଂସ୍ଥାଗୁଡ଼ିକ ପ୍ରତିଶ୍ରୁତି ପୂରଣ କରିନଥିବା ଅଭିଯୋଗ ଉଠିଛି। ସ୍ଥାନୀୟ ଯୁବକଙ୍କୁ ନିଯୁକ୍ତି ଦେବା ପ୍ରତିଶ୍ରୁତି କାଗଜ କଲମରେ ସୀମିତ ରହିଛି। ଅଞ୍ଚଳରେ ପାନୀୟ ଜଳ, ସ୍ୱାସ୍ଥ୍ୟ ଓ ଶିକ୍ଷା ସୁବିଧାର ଅଭାବ ରହିଛି। ପ୍ରଦୂଷଣ ଯୋଗୁଁ ଲୋକଙ୍କ ସ୍ୱାସ୍ଥ୍ୟ ପ୍ରଭାବିତ ହେଉଛି। ଚାଷଜମି ନଷ୍ଟ ହେଉଥିବାରୁ ଚାଷୀମାନେ ଚିନ୍ତିତ। ଜିଲା ପ୍ରଶାସନ ଏହି ସମସ୍ୟା ସମାଧାନ ପାଇଁ ତ୍ରିପାକ୍ଷିକ ବୈଠକ ଡାକିଛି। ଶିଳ୍ପ ସଂସ୍ଥା, ପ୍ରଶାସନ ଓ ବିସ୍ଥାପିତଙ୍କ ପ୍ରତିନିଧି ଏଥିରେ ଯୋଗଦେବେ। ବିସ୍ଥାପିତ ସଂଘ ପକ୍ଷରୁ ଦାବିପତ୍ର ପ୍ରସ୍ତୁତ କରାଯାଇଛି। ଦାବି ପୂରଣ ନହେଲେ ଆନ୍ଦୋଳନ ତୀବ୍ର କରାଯିବ ବୋଲି ଚେତାବନୀ ଦିଆଯାଇଛି। ରାଜ୍ୟ ସରକାର ମଧ୍ୟ ପରିସ୍ଥିତି ଉପରେ ନଜର ରଖିଛନ୍ତି। ପୁନର୍ବାସ ନୀତି ଅନୁଯାୟୀ ସମସ୍ତ ହିତାଧିକାରୀଙ୍କୁ ସୁବିଧା ଯୋଗାଇବାକୁ ନିର୍ଦ୍ଦେଶ ଦିଆଯାଇଛି। ଅଞ୍ଚଳର ଶାନ୍ତିଶୃଙ୍ଖଳା ରକ୍ଷା ପାଇଁ ଅତିରିକ୍ତ ପୋଲିସ ଫୋର୍ସ ମୁତୟନ କରାଯାଇଛି। ଆଲୋଚନା ମାଧ୍ୟମରେ ସମସ୍ୟାର ସମାଧାନ ହେବ ବୋଲି ଜିଲାପାଳ ଆଶା ପ୍ରକାଶ କରିଛନ୍ତି। ସ୍ଥାନୀୟ ବିଧାୟକ ମଧ୍ୟ ବିସ୍ଥାପିତଙ୍କ ଦାବିକୁ ସମର୍ଥନ କରିଛନ୍ତି। ଶିଳ୍ପ ସଂସ୍ଥାଗୁଡ଼ିକ କହିଛନ୍ତି ଯେ ସେମାନେ ପୁନର୍ବାସ ନୀତି ମାନିବାକୁ ପ୍ରତିଶ୍ରୁତିବଦ୍ଧ। ସିଏସଆର ପାଣ୍ଠିରୁ ଅଞ୍ଚଳରେ ବିଭିନ୍ନ ବିକାଶମୂଳକ କାର୍ଯ୍ୟ କରାଯାଉଥିବା ସେମାନେ ଦାବି କରିଛନ୍ତି। ଅନ୍ୟପକ୍ଷରେ ବିସ୍ଥାପିତମାନେ ଏହି ଦାବିକୁ ଖଣ୍ଡନ କରିଛନ୍ତି। ସମସ୍ୟାର ସ୍ଥାୟୀ ସମାଧାନ ପାଇଁ ଏକ ସ୍ୱତନ୍ତ୍ର କମିଟି ଗଠନ ଦାବି କରାଯାଇଛି। ସାମାଜିକ କର୍ମୀମାନେ ମଧ୍ୟ ଏ ପ୍ରସଙ୍ଗରେ ହସ୍ତକ୍ଷେପ କରିବାକୁ ମାନବାଧିକାର ଆୟୋଗଙ୍କୁ ଅନୁରୋଧ କରିଛନ୍ତି। ପରବର୍ତ୍ତୀ ବୈଠକ ଆସନ୍ତା ସପ୍ତାହରେ ଅନୁଷ୍ଠିତ ହେବ। ସେଥିରେ ସମସ୍ତ ପକ୍ଷ ନିଜ ନିଜ ମତ ରଖିବେ। ପ୍ରଶାସନ ମଧ୍ୟସ୍ଥି ଭାବେ କାର୍ଯ୍ୟ କରିବ।
🛣
National Highways Authority of India
(Ministry of Road Transport & Highways)
SHORT QUOTATION CALL NOTICE
The PIU, NHAI, Bhubaneswar hereby invites short quotation from experienced firms/ organizations/ individuals to offer their quotation for the work "Road Maintenance & Incident Management of Bhubaneswar-Sunakhala Section from Km.285.338 to Km.363.464 of NH-5" for two (2) months at an estimated cost of Rs.15.50 lakhs. Detailed bid notice can be downloaded from NHAI's Website: www.nhai.org. Addendums/ Corrigendums, if any, would be hoisted on the website only. Address for communication: PD, NHAI, 1st Floor, Setu Bhavan, Nayapalli, Bhubaneswar-751012, Tel. No.(0674) 2392720, 2392730, Fax No. (0674) 2392740, E-mail:bhu@nhai.org
Sd/- Project Director
OTELP
ODISHA TRIBAL EMPOWERMENT & LIVELIHOODS PROGRAMME
Programme Support Unit
(ST & SC Development Department)
2nd floor, TDCCOL Building, Rupali Square, Bhubaneswar-751022
EMPANELMENT OF PROGRAMME COORDINATOR FOR OTELP DISTRICTS
Programme Director, OTELP invites applications from eligible candidates for engagement as Programme Coordinator for OTELP districts to be purely engaged on contract. Application form along with the details of post can be downloaded from the website i.e. www.otelp.org. Last date of receipt of applications is 19th January, 2013 at 5.00 pm.
Programme Director
OTELP
ODISHA TRIBAL EMPOWERMENT & LIVELIHOODS PROGRAMME
Programme Support Unit
(ST & SC Development Department)
2nd floor, TDCCOL Building, Rupali Square, Bhubaneswar-751022
REQUEST FOR PROPOSAL (REP)
FOR EMPANELMENT OF FIRMS/AGENCIES FOR DIGITIZATION OF CADASTRAL SHEETS AND CREATION OF SPATIAL DATABASE FOR MICRO WATERSHEDS
1. Programme Director, OTELP invites proposals for empanelment of firms/agencies for digitization of cadastral sheets and creation of spatial database for micro watershed level planning & monitoring of OTELP phase I and OTELP plus villages.
2. Complete Terms of Reference (ToR) is available at the website www.otelp.org.
3. Interested firms may apply in sealed covers by Regd. Post/Speed Post/Courier service, so as to reach the above office by 5.00 pm of 17th January, 2013.
Programme Director
OFFICE OF THE COLLECTOR & DISTRICT MAGISTRATE, CUTTACK
(SOCIAL WELFARE SECTION)
No. : 05/SW	Date : 02.01.13
Application in the prescribed forms are invited from the residents of Cuttack District for selection/recruitment to the post of SEO/LSEO in Cuttack District.
1. No. of Vacancies likely to be filled up : 03
ST	:	01
UR	:	01
SEBC	:	01
TOTAL	:	03
2. The vacant post is purely temporary on contractual basis with consolidated pay Rs.9,300/- per month and can be terminated at any time without assigning any reason thereof.
3. Eligibility :
i)	He/She must be a citizen of India.
ii)	He/She must be a resident of Cuttack District.
iii)	He/She must be between 21-32 years of age as on 01.01.2012. The maximum upper age limit shall be relaxed by 5 years in case of candidates belonging to the STs and SEBC and Women, by 10 years in case of Physical Handicapped person and age relaxation as admissible to Sports Person/Ex-servicemen person shall be given.
iv)	He/She must be of good character and shall furnish the copy of character/conduct certificate granted by the Head of the Institution in which He/She last studied.
v)	He/She must not have more than one spouse living.
vi)	He/She must be able to speak, read and write oriya and must have passed the HSC Exam or equivalent with Oriya as principal subject or passed Oriya test equivalent to ME School standard conducted by the education Department of Government of Orissa.
vii)	He/She must have registered his/her name in the local Employment Exchange of Cuttack District and the registration must be valid upto the date of application.
viii) The candidate must be a Graduate with B.A./ B.Sc./B.Com from any recognized University.
ix)	He/She shall be selected on the basis of percentage of marks secured in HSC or equivalent Examination, Higher Secondary or Equivalent Examination and in the Degree Examination.
x)	Application must be accompanied with a Bank Draft of Rs.50/- drawn in favour of DSWO, Cuttack payable at S.B.I., Cuttack. Applicants of SC/ST category are exempted from the fee subject to submission of relevant documentary evidence (Caste Certificate) duly issued by the competent authority.
4. Documents to be enclosed with application : The application forms should be filled in by the candidates in his/her own handwriting and the following documents should be firmly enclosed with application, otherwise the same will be rejected. Attested Xerox copies of (a) Academic qualification certificate, (b) Marks of examinations, (c) Caste Certificate from the competent authority in case of SC/ST candidates (from Tahasildar/Sub-Collector/ADM/Collector), (d) Certificate in support of physically handicapped/Ex-Servicemen/Sportsmen duly granted by the competent authority, (e) Employment Registration Card having validity, (f) Character Certificate of Head of the Institution last studied, (g) Xerox copy of recently acquired residential certificate of Cuttack District for service issued by Tahasildars of Cuttack District, (h) One recently taken passport size photograph duly attested by Gazetted Officer, (i) Self addressed envelope affixing requisite postal stamps.
5. The application completed in all respect be sent to the District Social Welfare Office, Cuttack, so as to reach on or before 17.01.2013.
6. The undersigned reserves the right for rejection of application (any or all) and cancellation of advertisement without assigning any reason thereof.
Sd./- Collector & District Magistrate
Cuttack
APPLICATION FOR THE POST OF SOCIAL EDUCATION ORGANISER/LADY SOCIAL EDUCATION ORGANISER ON CONTRACTUAL BASIS IN CUTTACK DISTRICT
1. Name of the Applicant (in capital letter)
:
2. Date of Birth	:
3. District of Domicile	:
4. Sex	:
5. Please mention if SC/ST	:
6. Marital Status	:
7. Present Contact Address	:
At	:
P.O.	:
Dist.	:
PIN	:
Contact No. :
8. Educational Qualification-High School onwards, please list your qualification
Examination	Board/ University	Year	Full Marks	Marks Secured	% of Marks
1	2	3	4	5	6
Matriculation					
+2 (Arts/ Science/ Commerce)					
+3 (Arts/ Science/ Commerce)					
Date :
Place :	Signature of the candidate
Note :
1. One recent Passport size attested photograph to be affixed in the application.
2. The following attested documents are to be attached along with the application :
a)	Residential Certificate recently issued by Tahasildars for Service purpose.
b)	Attested photocopies of all mark sheets/ certificates in proof of the claim made by the candidate relating to his educational qualification.
c)	Caste certificate in case of ST/SC from competent authority.
d)	Employment Registration Card having validity.
e)	One self-addressed envelope affixing requisite postal stamp.
f)	Character Certificate from the Head of the Institution last studied.
g)	Any other certificate/document as required in the Advertisement.
07
